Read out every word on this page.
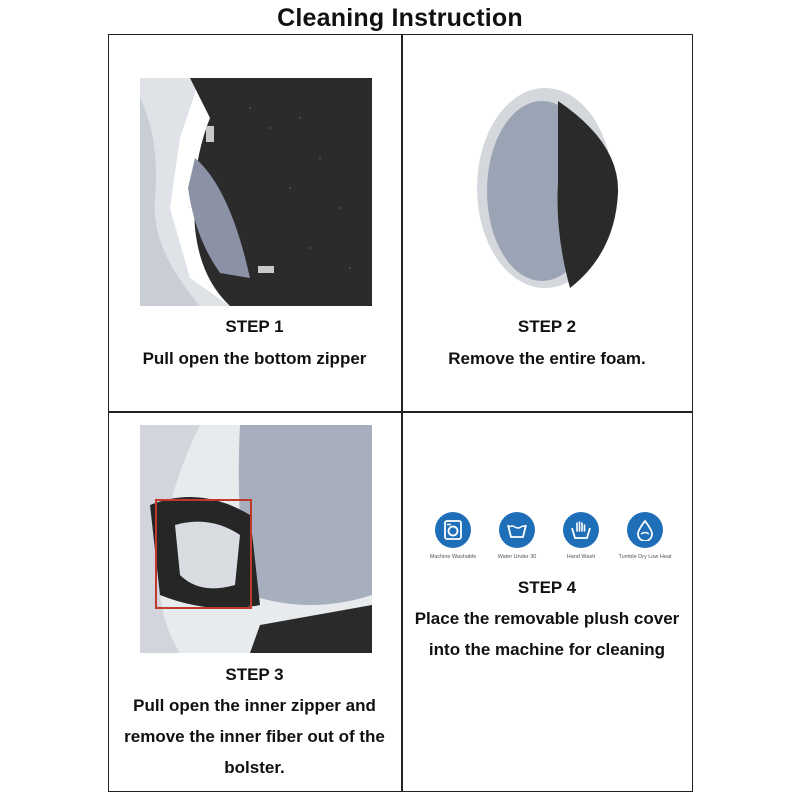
Cleaning Instruction
STEP 1
Pull open the bottom zipper
STEP 2
Remove the entire foam.
STEP 3
Pull open the inner zipper and
remove the inner fiber out of the
bolster.
Machine Washable	Water Under 30	Hand Wash	Tumble Dry Low Heat
STEP 4
Place the removable plush cover
into the machine for cleaning
